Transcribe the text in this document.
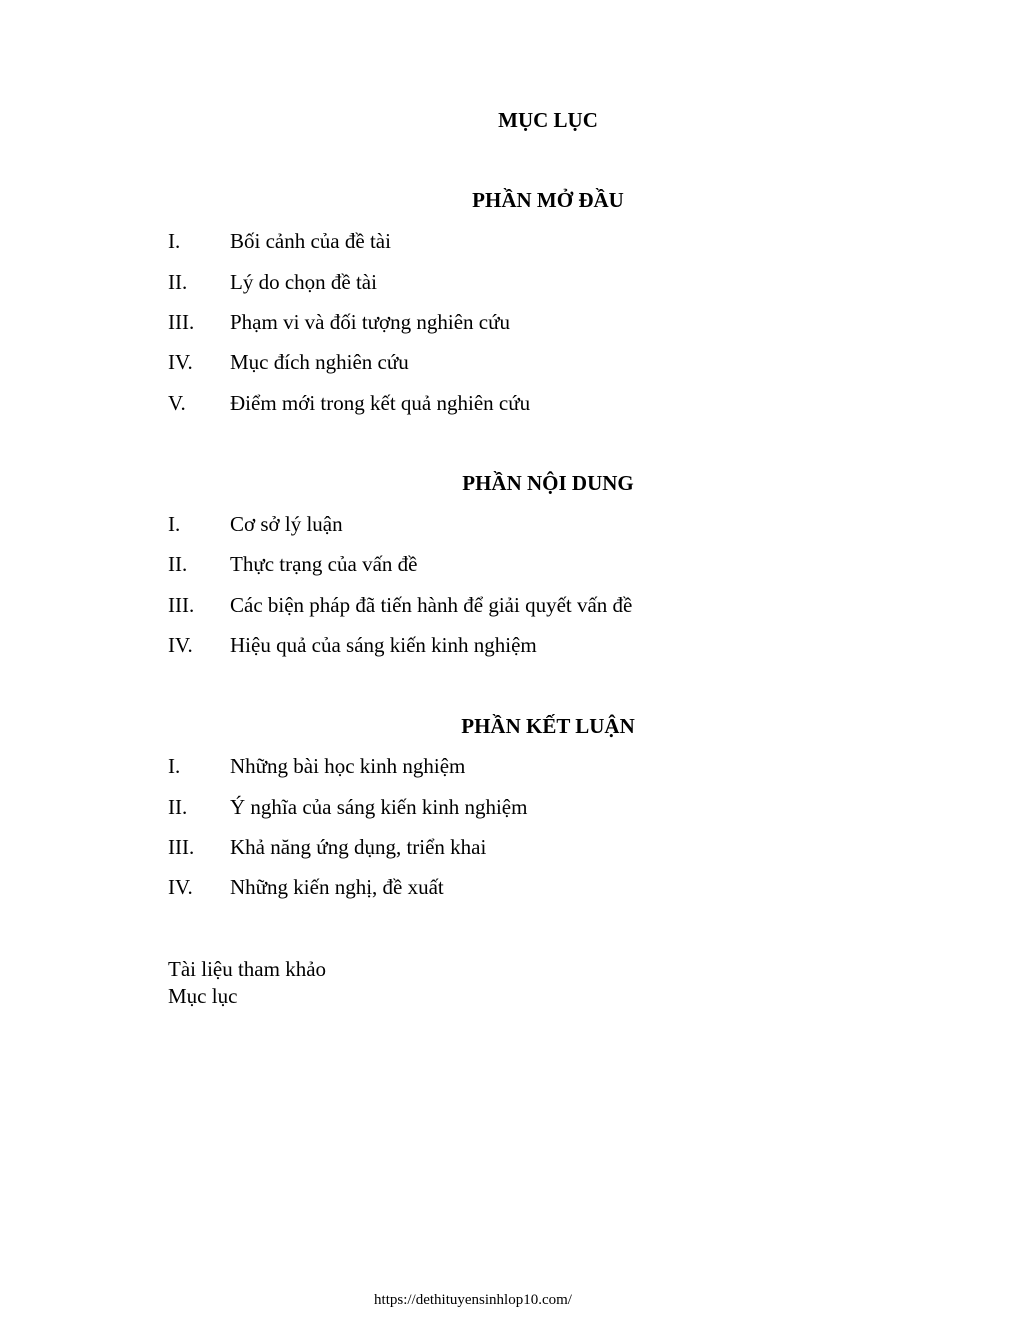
MỤC LỤC
PHẦN MỞ ĐẦU
I. Bối cảnh của đề tài
II. Lý do chọn đề tài
III. Phạm vi và đối tượng nghiên cứu
IV. Mục đích nghiên cứu
V. Điểm mới trong kết quả nghiên cứu
PHẦN NỘI DUNG
I. Cơ sở lý luận
II. Thực trạng của vấn đề
III. Các biện pháp đã tiến hành để giải quyết vấn đề
IV. Hiệu quả của sáng kiến kinh nghiệm
PHẦN KẾT LUẬN
I. Những bài học kinh nghiệm
II. Ý nghĩa của sáng kiến kinh nghiệm
III. Khả năng ứng dụng, triển khai
IV. Những kiến nghị, đề xuất
Tài liệu tham khảo
Mục lục
https://dethituyensinhlop10.com/
